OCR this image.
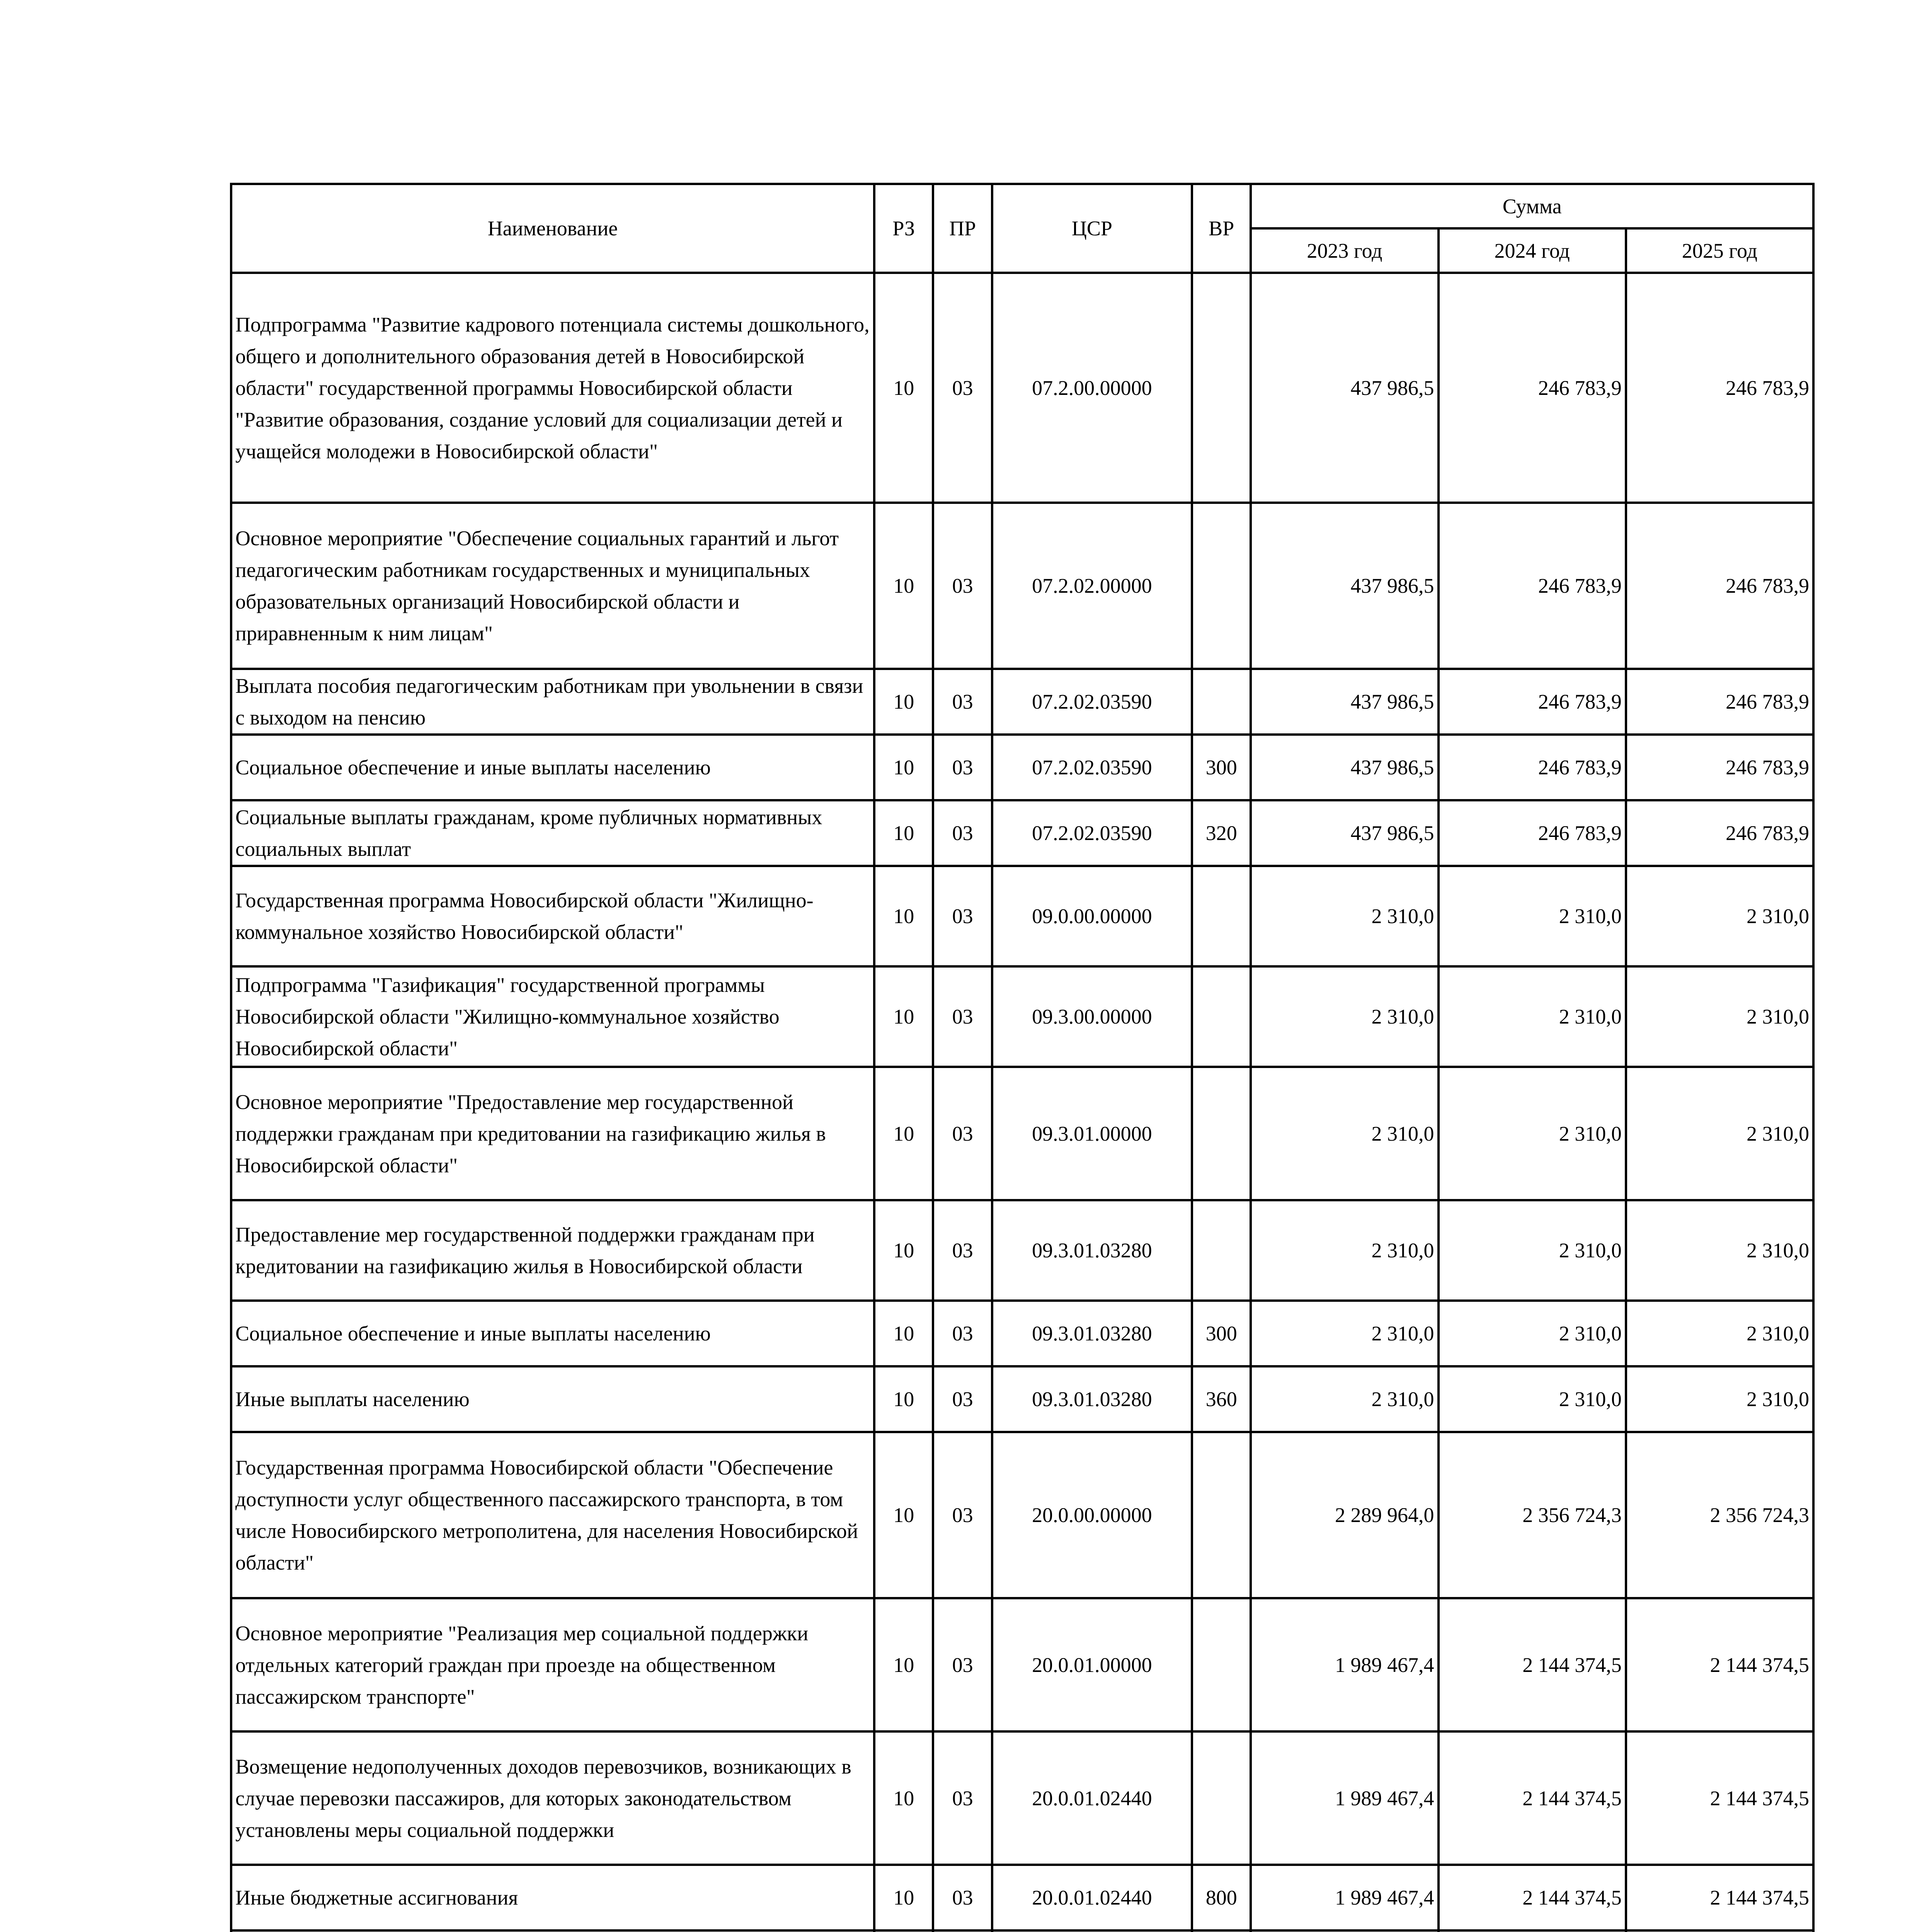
Наименование	РЗ	ПР	ЦСР	ВР	Сумма		
					2023 год	2024 год	2025 год
Подпрограмма "Развитие кадрового потенциала системы дошкольного, общего и дополнительного образования детей в Новосибирской области" государственной программы Новосибирской области "Развитие образования, создание условий для социализации детей и учащейся молодежи в Новосибирской области"	10	03	07.2.00.00000		437 986,5	246 783,9	246 783,9
Основное мероприятие "Обеспечение социальных гарантий и льгот педагогическим работникам государственных и муниципальных образовательных организаций Новосибирской области и приравненным к ним лицам"	10	03	07.2.02.00000		437 986,5	246 783,9	246 783,9
Выплата пособия педагогическим работникам при увольнении в связи с выходом на пенсию	10	03	07.2.02.03590		437 986,5	246 783,9	246 783,9
Социальное обеспечение и иные выплаты населению	10	03	07.2.02.03590	300	437 986,5	246 783,9	246 783,9
Социальные выплаты гражданам, кроме публичных нормативных социальных выплат	10	03	07.2.02.03590	320	437 986,5	246 783,9	246 783,9
Государственная программа Новосибирской области "Жилищно-коммунальное хозяйство Новосибирской области"	10	03	09.0.00.00000		2 310,0	2 310,0	2 310,0
Подпрограмма "Газификация" государственной программы Новосибирской области "Жилищно-коммунальное хозяйство Новосибирской области"	10	03	09.3.00.00000		2 310,0	2 310,0	2 310,0
Основное мероприятие "Предоставление мер государственной поддержки гражданам при кредитовании на газификацию жилья в Новосибирской области"	10	03	09.3.01.00000		2 310,0	2 310,0	2 310,0
Предоставление мер государственной поддержки гражданам при кредитовании на газификацию жилья в Новосибирской области	10	03	09.3.01.03280		2 310,0	2 310,0	2 310,0
Социальное обеспечение и иные выплаты населению	10	03	09.3.01.03280	300	2 310,0	2 310,0	2 310,0
Иные выплаты населению	10	03	09.3.01.03280	360	2 310,0	2 310,0	2 310,0
Государственная программа Новосибирской области "Обеспечение доступности услуг общественного пассажирского транспорта, в том числе Новосибирского метрополитена, для населения Новосибирской области"	10	03	20.0.00.00000		2 289 964,0	2 356 724,3	2 356 724,3
Основное мероприятие "Реализация мер социальной поддержки отдельных категорий граждан при проезде на общественном пассажирском транспорте"	10	03	20.0.01.00000		1 989 467,4	2 144 374,5	2 144 374,5
Возмещение недополученных доходов перевозчиков, возникающих в случае перевозки пассажиров, для которых законодательством установлены меры социальной поддержки	10	03	20.0.01.02440		1 989 467,4	2 144 374,5	2 144 374,5
Иные бюджетные ассигнования	10	03	20.0.01.02440	800	1 989 467,4	2 144 374,5	2 144 374,5
